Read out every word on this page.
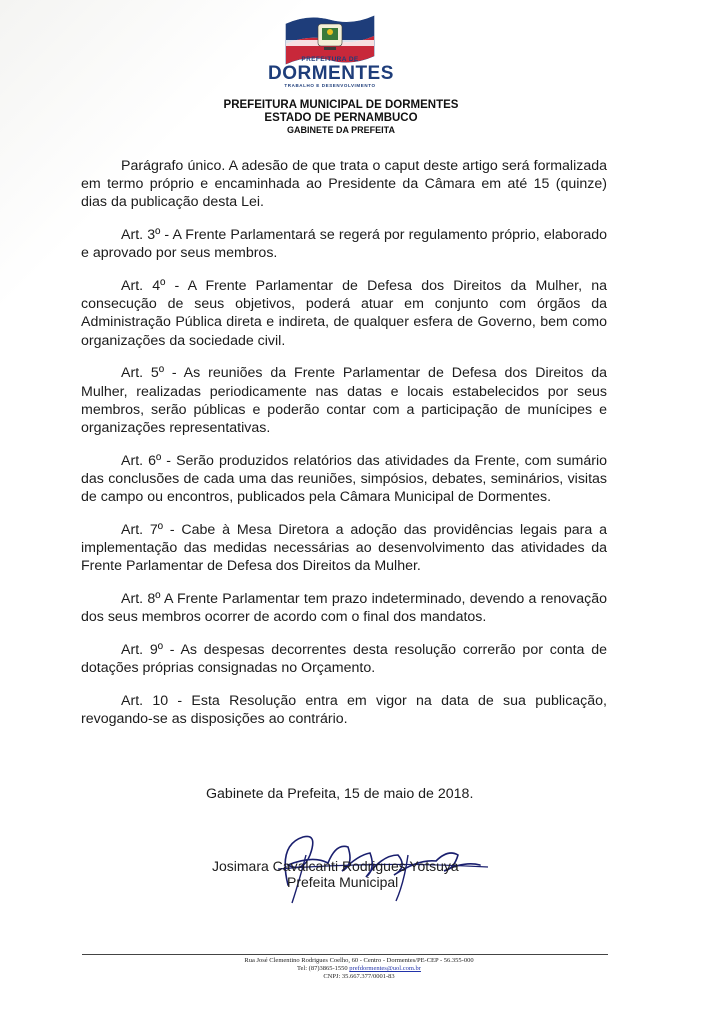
PREFEITURA DE
DORMENTES
TRABALHO E DESENVOLVIMENTO
PREFEITURA MUNICIPAL DE DORMENTES
ESTADO DE PERNAMBUCO
GABINETE DA PREFEITA

Parágrafo único. A adesão de que trata o caput deste artigo será formalizada em termo próprio e encaminhada ao Presidente da Câmara em até 15 (quinze) dias da publicação desta Lei.

Art. 3º - A Frente Parlamentará se regerá por regulamento próprio, elaborado e aprovado por seus membros.

Art. 4º - A Frente Parlamentar de Defesa dos Direitos da Mulher, na consecução de seus objetivos, poderá atuar em conjunto com órgãos da Administração Pública direta e indireta, de qualquer esfera de Governo, bem como organizações da sociedade civil.

Art. 5º - As reuniões da Frente Parlamentar de Defesa dos Direitos da Mulher, realizadas periodicamente nas datas e locais estabelecidos por seus membros, serão públicas e poderão contar com a participação de munícipes e organizações representativas.

Art. 6º - Serão produzidos relatórios das atividades da Frente, com sumário das conclusões de cada uma das reuniões, simpósios, debates, seminários, visitas de campo ou encontros, publicados pela Câmara Municipal de Dormentes.

Art. 7º - Cabe à Mesa Diretora a adoção das providências legais para a implementação das medidas necessárias ao desenvolvimento das atividades da Frente Parlamentar de Defesa dos Direitos da Mulher.

Art. 8º A Frente Parlamentar tem prazo indeterminado, devendo a renovação dos seus membros ocorrer de acordo com o final dos mandatos.

Art. 9º - As despesas decorrentes desta resolução correrão por conta de dotações próprias consignadas no Orçamento.

Art. 10 - Esta Resolução entra em vigor na data de sua publicação, revogando-se as disposições ao contrário.

Gabinete da Prefeita, 15 de maio de 2018.
Josimara Cavalcanti Rodrigues Yotsuya
Prefeita Municipal
Rua José Clementino Rodrigues Coelho, 60 - Centro - Dormentes/PE-CEP - 56.355-000
Tel: (87)3865-1550 prefdormentes@uol.com.br
CNPJ: 35.667.377/0001-83
